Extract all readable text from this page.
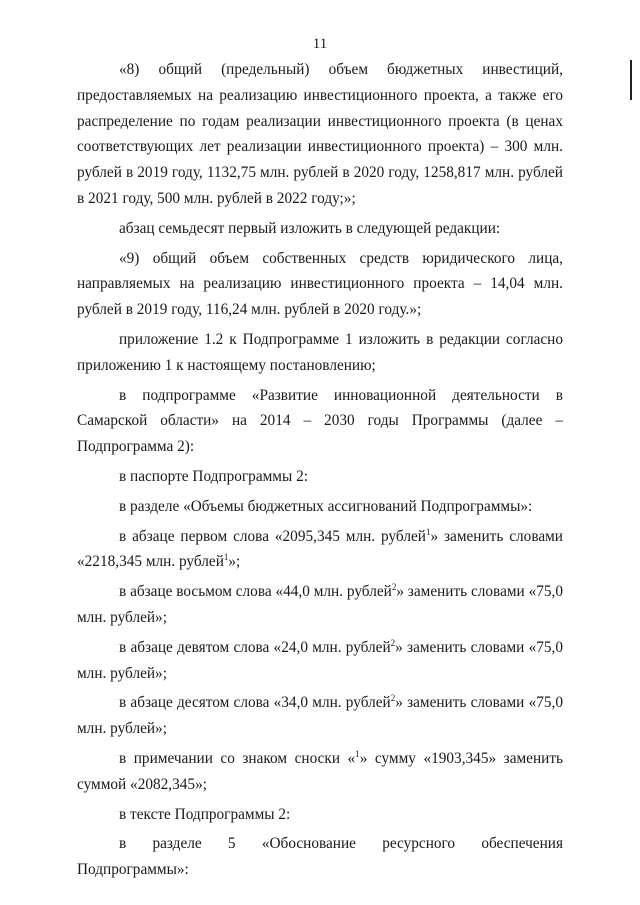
11

«8) общий (предельный) объем бюджетных инвестиций, предоставляемых на реализацию инвестиционного проекта, а также его распределение по годам реализации инвестиционного проекта (в ценах соответствующих лет реализации инвестиционного проекта) – 300 млн. рублей в 2019 году, 1132,75 млн. рублей в 2020 году, 1258,817 млн. рублей в 2021 году, 500 млн. рублей в 2022 году;»;

абзац семьдесят первый изложить в следующей редакции:

«9) общий объем собственных средств юридического лица, направляемых на реализацию инвестиционного проекта – 14,04 млн. рублей в 2019 году, 116,24 млн. рублей в 2020 году.»;

приложение 1.2 к Подпрограмме 1 изложить в редакции согласно приложению 1 к настоящему постановлению;

в подпрограмме «Развитие инновационной деятельности в Самарской области» на 2014 – 2030 годы Программы (далее – Подпрограмма 2):

в паспорте Подпрограммы 2:

в разделе «Объемы бюджетных ассигнований Подпрограммы»:

в абзаце первом слова «2095,345 млн. рублей$^1$» заменить словами «2218,345 млн. рублей$^1$»;

в абзаце восьмом слова «44,0 млн. рублей$^2$» заменить словами «75,0 млн. рублей»;

в абзаце девятом слова «24,0 млн. рублей$^2$» заменить словами «75,0 млн. рублей»;

в абзаце десятом слова «34,0 млн. рублей$^2$» заменить словами «75,0 млн. рублей»;

в примечании со знаком сноски «$^1$» сумму «1903,345» заменить суммой «2082,345»;

в тексте Подпрограммы 2:

в разделе 5 «Обоснование ресурсного обеспечения Подпрограммы»:
